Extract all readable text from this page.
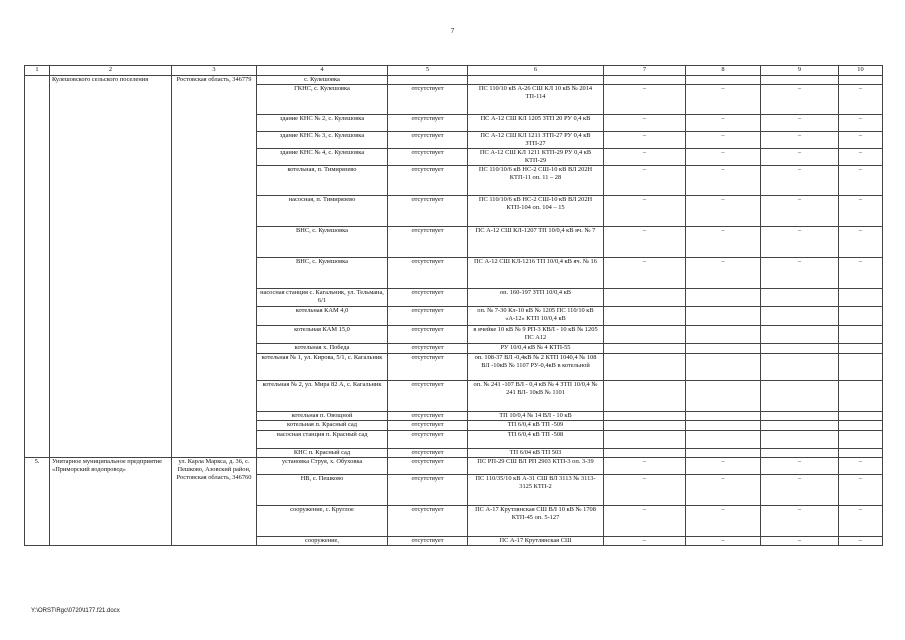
7
1	2	3	4	5	6	7	8	9	10
	Кулешовского сельского поселения	Ростовская область, 346779	с. Кулешовка						
			ГКНС, с. Кулешовка	отсутствует	ПС 110/10 кВ А-26 СШ КЛ 10 кВ № 2014 ТП-114	–	–	–	–
			здание КНС № 2, с. Кулешовка	отсутствует	ПС А-12 СШ КЛ 1205 ЗТП 20 РУ 0,4 кВ	–	–	–	–
			здание КНС № 3, с. Кулешовка	отсутствует	ПС А-12 СШ КЛ 1211 ЗТП-27 РУ 0,4 кВ ЗТП-27	–	–	–	–
			здание КНС № 4, с. Кулешовка	отсутствует	ПС А-12 СШ КЛ 1211 КТП-29 РУ 0,4 кВ КТП-29	–	–	–	–
			котельная, п. Тимирязево	отсутствует	ПС 110/10/6 кВ НС-2 СШ-10 кВ ВЛ 202Н КТП-11 оп. 11 – 28	–	–	–	–
			насосная, п. Тимирязево	отсутствует	ПС 110/10/6 кВ НС-2 СШ-10 кВ ВЛ 202Н КТП-104 оп. 104 – 15	–	–	–	–
			ВНС, с. Кулешовка	отсутствует	ПС А-12 СШ КЛ-1207 ТП 10/0,4 кВ яч. № 7	–	–	–	–
			ВНС, с. Кулешовка	отсутствует	ПС А-12 СШ КЛ-1216 ТП 10/0,4 кВ яч. № 16	–	–	–	–
			насосная станция с. Кагальник, ул. Тельмана, 6/1	отсутствует	оп. 160-197 ЗТП 10/0,4 кВ				
			котельная КАМ 4,0	отсутствует	оп. № 7-30 Кл-10 кВ № 1205 ПС 110/10 кВ «А-12» КТП 10/0,4 кВ				
			котельная КАМ 15,0	отсутствует	в ячейке 10 кВ № 9 РП-3 КВЛ - 10 кВ № 1205 ПС А12				
			котельная х. Победа	отсутствует	РУ 10/0,4 кВ № 4 КТП-55				
			котельная № 1, ул. Кирова, 5/1, с. Кагальник	отсутствует	оп. 108-37 ВЛ -0,4кВ № 2 КТП 1040,4 № 108 ВЛ -10кВ № 1107 РУ-0,4кВ в котельной				
			котельная № 2, ул. Мира 82 А, с. Кагальник	отсутствует	оп. № 241 -107 ВЛ - 0,4 кВ № 4 ЗТП 10/0,4 № 241 ВЛ- 10кВ № 1101				
			котельная п. Овощной	отсутствует	ТП 10/0,4 № 14 ВЛ - 10 кВ				
			котельная п. Красный сад	отсутствует	ТП 6/0,4 кВ ТП -509				
			насосная станция п. Красный сад	отсутствует	ТП 6/0,4 кВ ТП -508				
			КНС п. Красный сад	отсутствует	ТП 6/04 кВ ТП 503				
5.	Унитарное муниципальное предприятие «Приморский водопровод»	ул. Карла Маркса, д. 36, с. Пешково, Азовский район, Ростовская область, 346760	установка Струя, х. Обуховка	отсутствует	ПС РП-29 СШ ВЛ РП 2903 КТП-3 оп. 3-39	–	–	–	–
			НВ, с. Пешково	отсутствует	ПС 110/35/10 кВ А-31 СШ ВЛ 3113 № 3113-3125 КТП-2	–	–	–	–
			сооружение, с. Круглое	отсутствует	ПС А-17 Крутлянская СШ ВЛ 10 кВ № 1708 КТП-45 оп. 5-127	–	–	–	–
			сооружение,	отсутствует	ПС А-17 Крутлянская СШ	–	–	–	–
Y:\ORST\Rgc\0720\t177.f21.docx
